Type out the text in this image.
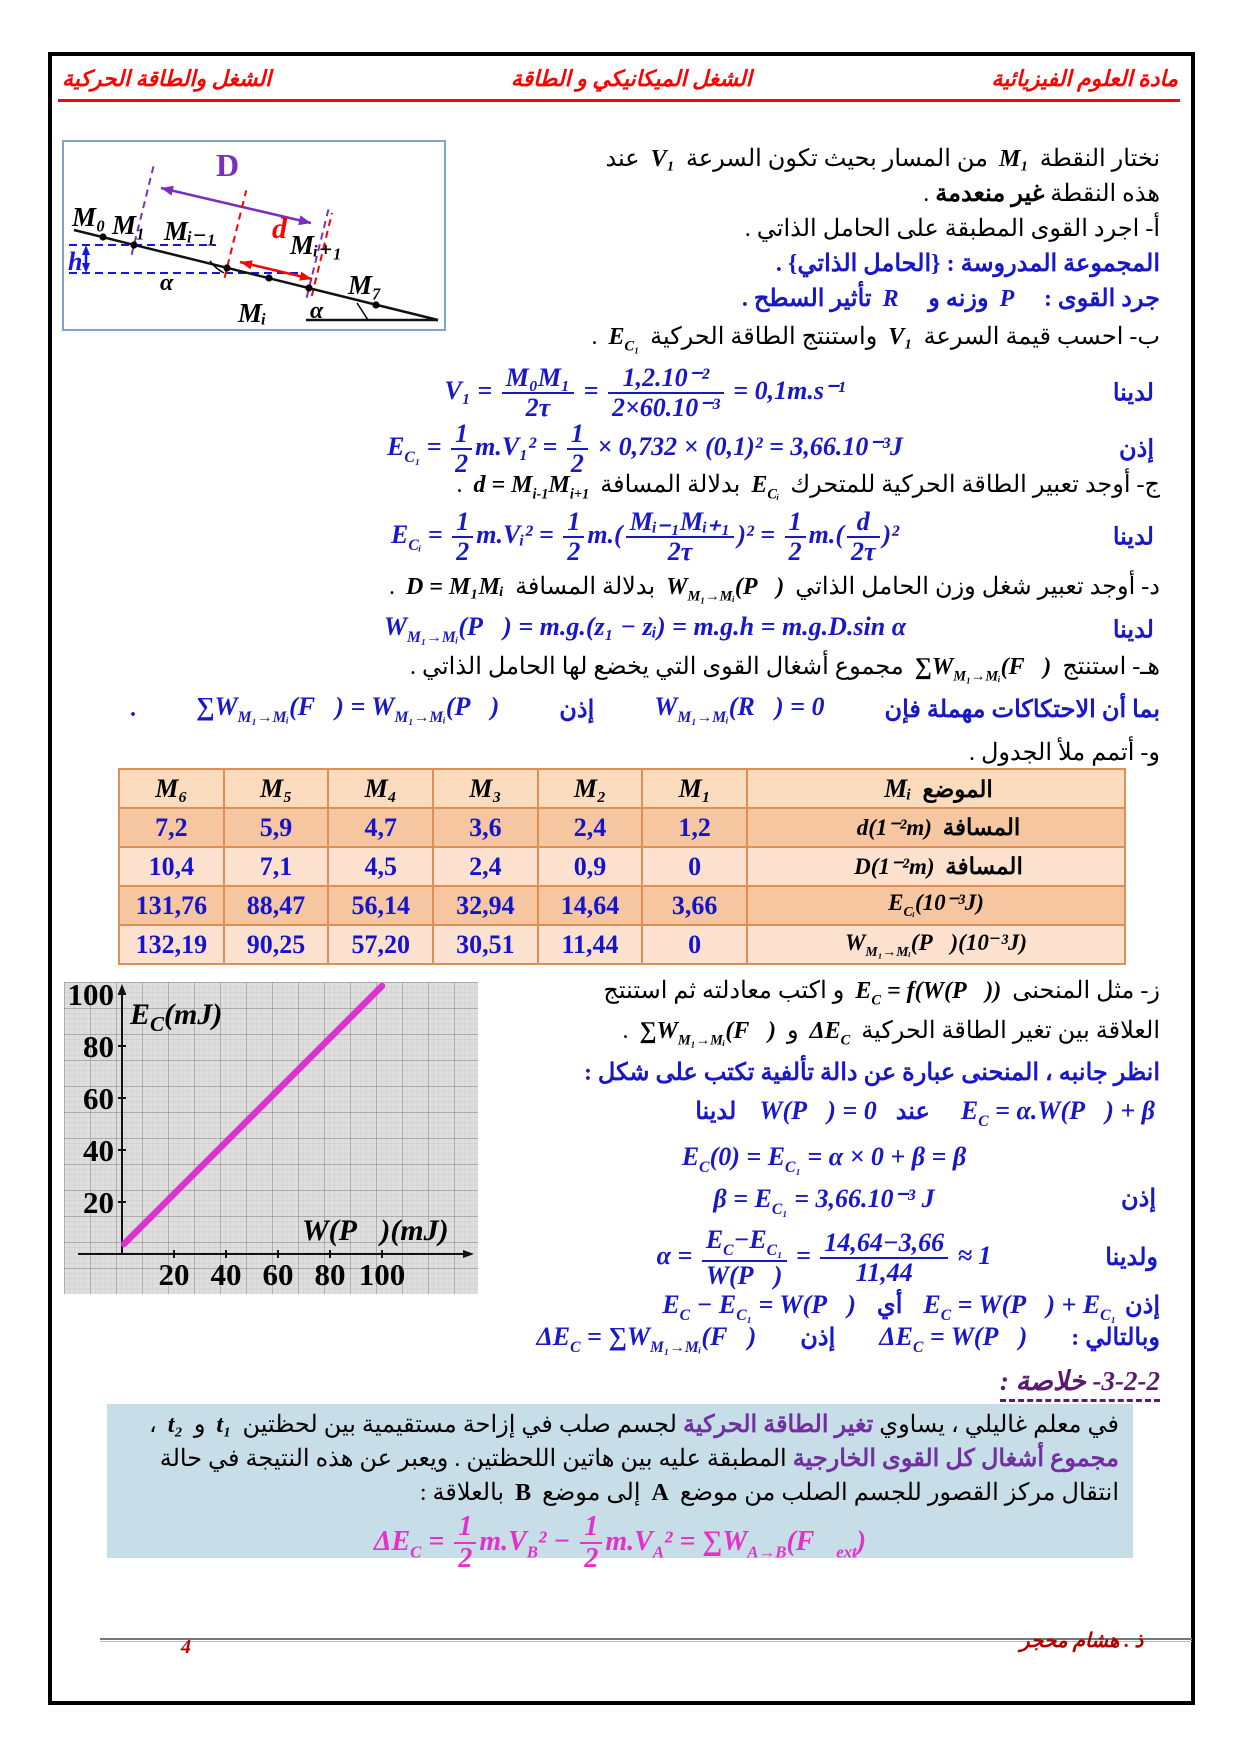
مادة العلوم الفيزيائية
الشغل الميكانيكي و الطاقة
الشغل والطاقة الحركية
h
D
d
α
α
M₀ M₁ Mᵢ₋₁	Mᵢ₊₁
M₇
Mᵢ
نختار النقطة M₁ من المسار بحيث تكون السرعة V₁ عند
هذه النقطة غير منعدمة .
أ- اجرد القوى المطبقة على الحامل الذاتي .
المجموعة المدروسة : {الحامل الذاتي} .
جرد القوى : P⃗ وزنه و R⃗ تأثير السطح .
ب- احسب قيمة السرعة V₁ واستنتج الطاقة الحركية $E_{C_1}$ .
لدينا
$V_1 = \frac{\text{M₀M₁}}{2\tau} = \frac{\text{1,2.10⁻²}}{\text{2×60.10⁻³}} = 0,1m.s^{-1}$
إذن
$E_{C_1} = \frac{1}{2} m.V_1^2 = \frac{1}{2} \times 0,732 \times (0,1)^2 = 3,66.10^{-3}J$
ج- أوجد تعبير الطاقة الحركية للمتحرك $E_{Cᵢ}$ بدلالة المسافة $d = M_{i-1}M_{i+1}$ .
لدينا
$E_{Cᵢ} = \frac{1}{2}$ m.Vᵢ² = $\frac{1}{2} m.( \frac{\text{Mᵢ₋₁Mᵢ₊₁}}{2\tau} )^2 = \frac{1}{2} m.( \frac{d}{2\tau} )^2$
د- أوجد تعبير شغل وزن الحامل الذاتي $W_{M_1\to Mᵢ}(P⃗)$ بدلالة المسافة D = M₁Mᵢ .
لدينا
$W_{M_1\to Mᵢ}(P⃗) = m.g.(z_1$ − zᵢ) = m.g.h = m.g.D.sin α
هـ- استنتج $\sum W_{M_1\to Mᵢ}(F⃗)$ مجموع أشغال القوى التي يخضع لها الحامل الذاتي .
بما أن الاحتكاكات مهملة فإن
$W_{M_1\to Mᵢ}(R⃗) = 0$
إذن
$\sum W_{M_1\to Mᵢ}(F⃗)$ = $W_{M_1\to Mᵢ}(P⃗)$
.
و- أتمم ملأ الجدول .
الموضع Mᵢ	M₁	M₂	M₃	M₄	M₅	M₆
المسافة d(1⁻²m)	1,2	2,4	3,6	4,7	5,9	7,2
المسافة D(1⁻²m)	0	0,9	2,4	4,5	7,1	10,4
$E_{Cᵢ}(10^{-3}J)$	3,66	14,64	32,94	56,14	88,47	131,76
$W_{M_1\to Mᵢ}(P⃗)(10^{-3}J)$	0	11,44	30,51	57,20	90,25	132,19
100
80
60
40
20
20 40 60 80 100
$E_C(mJ)$
W(P⃗)(mJ)
ز- مثل المنحنى $E_C$ = f(W(P⃗)) و اكتب معادلته ثم استنتج
العلاقة بين تغير الطاقة الحركية $\Delta E_C$ و $\sum W_{M_1\to Mᵢ}(F⃗)$ .
انظر جانبه ، المنحنى عبارة عن دالة تألفية تكتب على شكل :
$E_C$ = α.W(P⃗) + β عند W(P⃗) = 0 لدينا
$E_C(0) = E_{C_1} = \alpha \times 0 + \beta = \beta$
إذن
$\beta = E_{C_1} = 3,66.10^{-3}$ J
ولدينا
$\alpha = \frac{E_C-E_{C_1}}{W(P⃗)} = \frac{14,64-3,66}{11,44} \approx 1$
إذن $E_C$ = W(P⃗) + $E_{C_1}$ أي $E_C - E_{C_1}$ = W(P⃗)
وبالتالي : $\Delta E_C$ = W(P⃗) إذن $\Delta E_C$ = $\sum W_{M_1\to Mᵢ}(F⃗)$
3-2-2- خلاصة :
في معلم غاليلي ، يساوي تغير الطاقة الحركية لجسم صلب في إزاحة مستقيمية بين لحظتين t₁ و t₂ ،
مجموع أشغال كل القوى الخارجية المطبقة عليه بين هاتين اللحظتين . ويعبر عن هذه النتيجة في حالة
انتقال مركز القصور للجسم الصلب من موضع A إلى موضع B بالعلاقة :
$\Delta E_C = \frac{1}{2} m.V_B^2 - \frac{1}{2} m.V_A^2$ = $\sum W_{A\to B}(F⃗_{ext})$
ذ . هشام محجر
4
